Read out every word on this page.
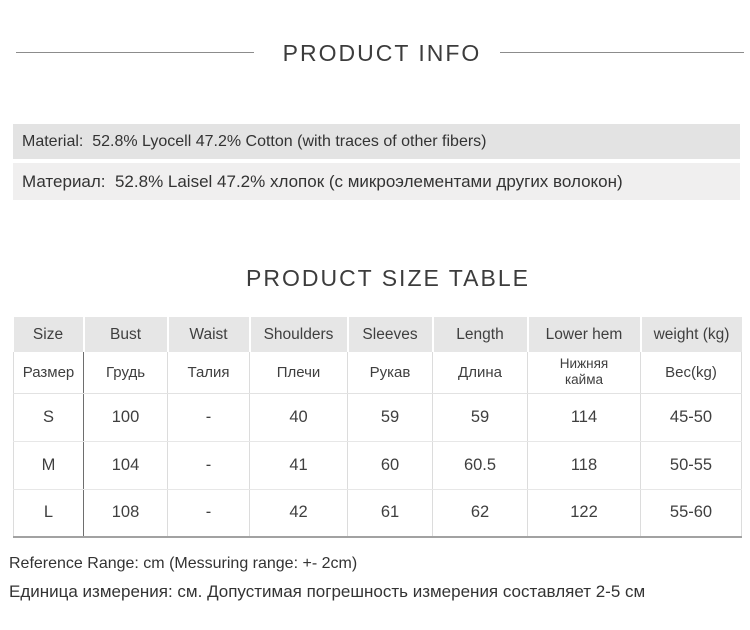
PRODUCT INFO
Material:  52.8% Lyocell 47.2% Cotton (with traces of other fibers)
Материал:  52.8% Laisel 47.2% хлопок (с микроэлементами других волокон)
PRODUCT SIZE TABLE
Size	Bust	Waist	Shoulders	Sleeves	Length	Lower hem	weight (kg)
Размер	Грудь	Талия	Плечи	Рукав	Длина	Нижняя кайма	Вес(kg)
S	100	-	40	59	59	114	45-50
M	104	-	41	60	60.5	118	50-55
L	108	-	42	61	62	122	55-60
Reference Range: cm (Messuring range: +- 2cm)
Единица измерения: см. Допустимая погрешность измерения составляет 2-5 см
